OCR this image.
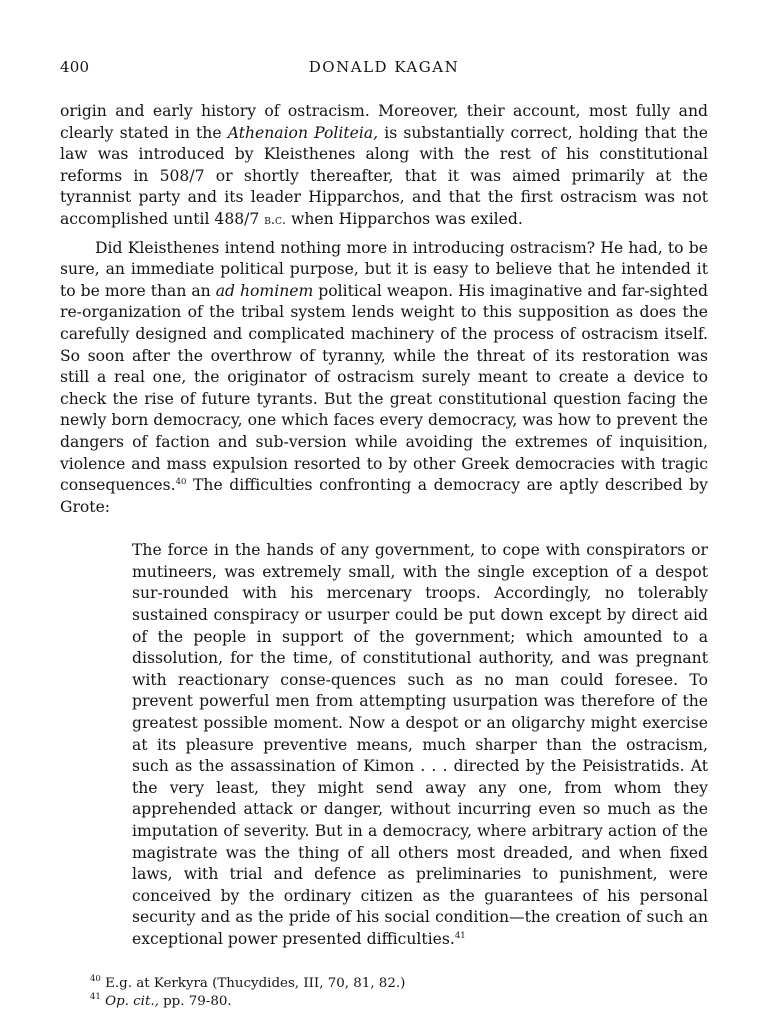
400	DONALD KAGAN

origin and early history of ostracism. Moreover, their account, most fully and clearly stated in the Athenaion Politeia, is substantially correct, holding that the law was introduced by Kleisthenes along with the rest of his constitutional reforms in 508/7 or shortly thereafter, that it was aimed primarily at the tyrannist party and its leader Hipparchos, and that the first ostracism was not accomplished until 488/7 b.c. when Hipparchos was exiled.

Did Kleisthenes intend nothing more in introducing ostracism? He had, to be sure, an immediate political purpose, but it is easy to believe that he intended it to be more than an ad hominem political weapon. His imaginative and far-sighted re-organization of the tribal system lends weight to this supposition as does the carefully designed and complicated machinery of the process of ostracism itself. So soon after the overthrow of tyranny, while the threat of its restoration was still a real one, the originator of ostracism surely meant to create a device to check the rise of future tyrants. But the great constitutional question facing the newly born democracy, one which faces every democracy, was how to prevent the dangers of faction and sub-version while avoiding the extremes of inquisition, violence and mass expulsion resorted to by other Greek democracies with tragic consequences.$^{40}$ The difficulties confronting a democracy are aptly described by Grote:

The force in the hands of any government, to cope with conspirators or mutineers, was extremely small, with the single exception of a despot sur-rounded with his mercenary troops. Accordingly, no tolerably sustained conspiracy or usurper could be put down except by direct aid of the people in support of the government; which amounted to a dissolution, for the time, of constitutional authority, and was pregnant with reactionary conse-quences such as no man could foresee. To prevent powerful men from attempting usurpation was therefore of the greatest possible moment. Now a despot or an oligarchy might exercise at its pleasure preventive means, much sharper than the ostracism, such as the assassination of Kimon . . . directed by the Peisistratids. At the very least, they might send away any one, from whom they apprehended attack or danger, without incurring even so much as the imputation of severity. But in a democracy, where arbitrary action of the magistrate was the thing of all others most dreaded, and when fixed laws, with trial and defence as preliminaries to punishment, were conceived by the ordinary citizen as the guarantees of his personal security and as the pride of his social condition—the creation of such an exceptional power presented difficulties.$^{41}$
$^{40}$ E.g. at Kerkyra (Thucydides, III, 70, 81, 82.)
$^{41}$ Op. cit., pp. 79-80.
